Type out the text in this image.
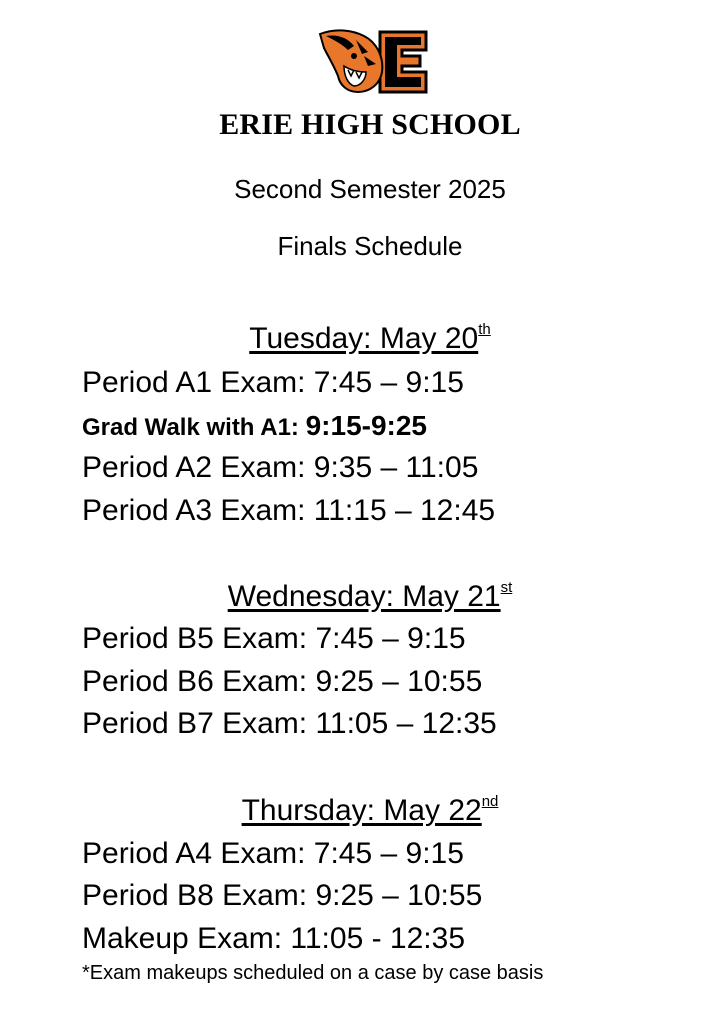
ERIE HIGH SCHOOL
Second Semester 2025
Finals Schedule
Tuesday: May 20th
Period A1 Exam: 7:45 – 9:15
Grad Walk with A1: 9:15-9:25
Period A2 Exam: 9:35 – 11:05
Period A3 Exam: 11:15 – 12:45
Wednesday: May 21st
Period B5 Exam: 7:45 – 9:15
Period B6 Exam: 9:25 – 10:55
Period B7 Exam: 11:05 – 12:35
Thursday: May 22nd
Period A4 Exam: 7:45 – 9:15
Period B8 Exam: 9:25 – 10:55
Makeup Exam: 11:05 - 12:35
*Exam makeups scheduled on a case by case basis
